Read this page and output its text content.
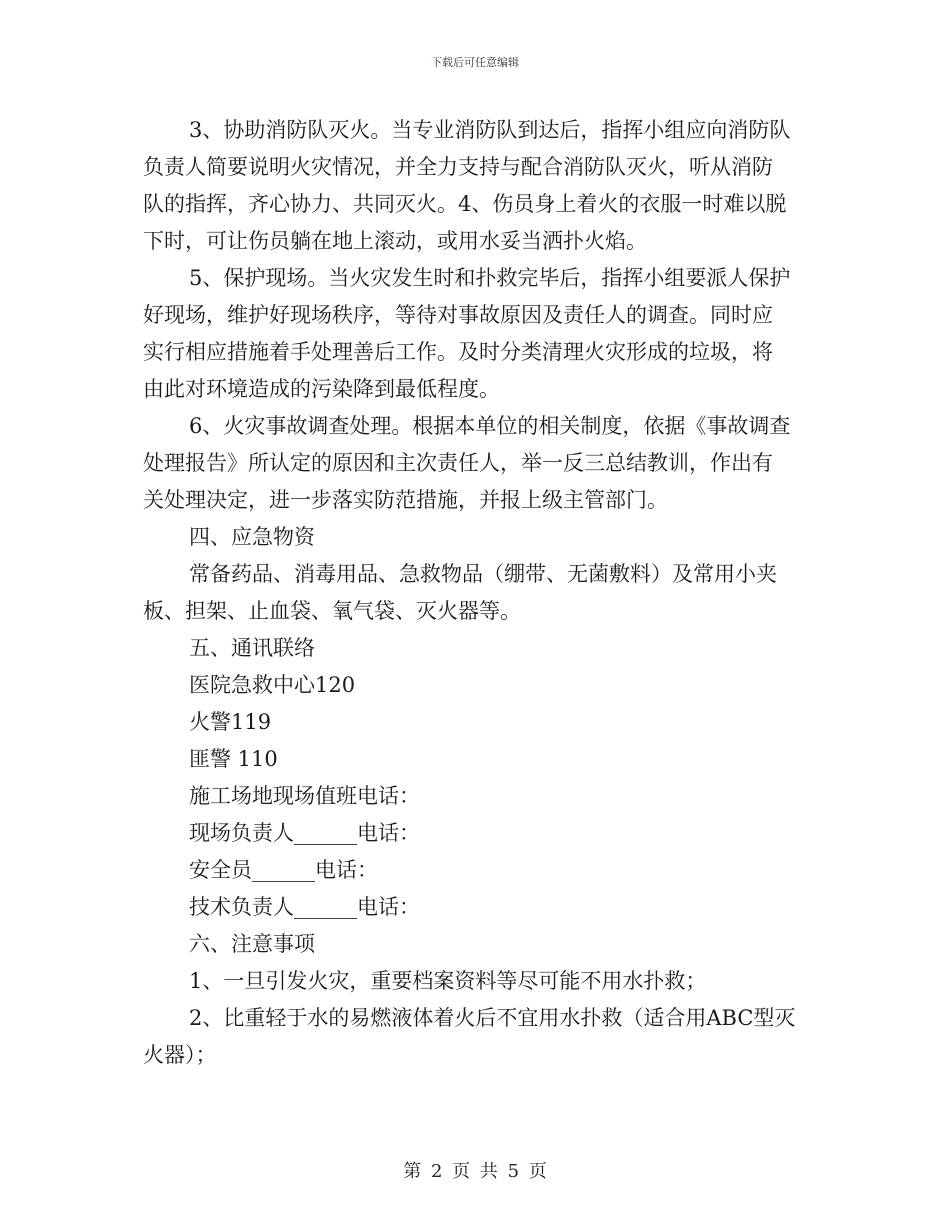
下载后可任意编辑
3、协助消防队灭火。当专业消防队到达后，指挥小组应向消防队
负责人简要说明火灾情况，并全力支持与配合消防队灭火，听从消防
队的指挥，齐心协力、共同灭火。4、伤员身上着火的衣服一时难以脱
下时，可让伤员躺在地上滚动，或用水妥当洒扑火焰。
5、保护现场。当火灾发生时和扑救完毕后，指挥小组要派人保护
好现场，维护好现场秩序，等待对事故原因及责任人的调查。同时应
实行相应措施着手处理善后工作。及时分类清理火灾形成的垃圾，将
由此对环境造成的污染降到最低程度。
6、火灾事故调查处理。根据本单位的相关制度，依据《事故调查
处理报告》所认定的原因和主次责任人，举一反三总结教训，作出有
关处理决定，进一步落实防范措施，并报上级主管部门。
四、应急物资
常备药品、消毒用品、急救物品（绷带、无菌敷料）及常用小夹
板、担架、止血袋、氧气袋、灭火器等。
五、通讯联络
医院急救中心120
火警119
匪警 110
施工场地现场值班电话：
现场负责人______电话：
安全员______电话：
技术负责人______电话：
六、注意事项
1、一旦引发火灾，重要档案资料等尽可能不用水扑救；
2、比重轻于水的易燃液体着火后不宜用水扑救（适合用ABC型灭
火器）；
第 2 页 共 5 页
